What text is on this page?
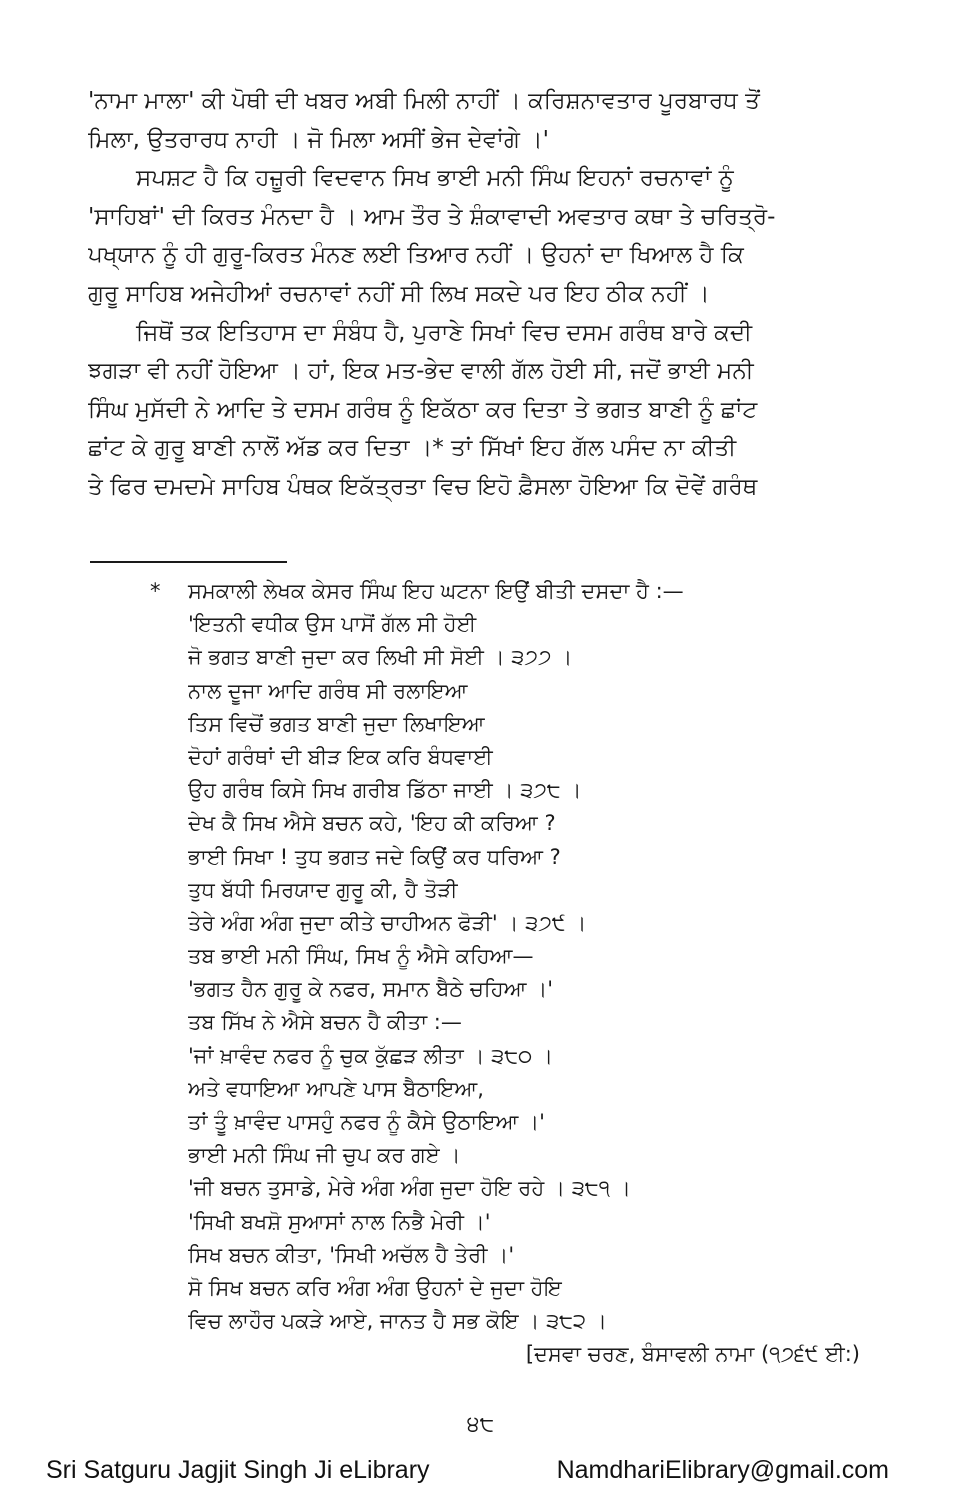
'ਨਾਮਾ ਮਾਲਾ' ਕੀ ਪੋਥੀ ਦੀ ਖਬਰ ਅਬੀ ਮਿਲੀ ਨਾਹੀਂ । ਕਰਿਸ਼ਨਾਵਤਾਰ ਪੂਰਬਾਰਧ ਤੋਂ
ਮਿਲਾ, ਉਤਰਾਰਧ ਨਾਹੀ । ਜੋ ਮਿਲਾ ਅਸੀਂ ਭੇਜ ਦੇਵਾਂਗੇ ।'
ਸਪਸ਼ਟ ਹੈ ਕਿ ਹਜ਼ੂਰੀ ਵਿਦਵਾਨ ਸਿਖ ਭਾਈ ਮਨੀ ਸਿੰਘ ਇਹਨਾਂ ਰਚਨਾਵਾਂ ਨੂੰ
'ਸਾਹਿਬਾਂ' ਦੀ ਕਿਰਤ ਮੰਨਦਾ ਹੈ । ਆਮ ਤੌਰ ਤੇ ਸ਼ੰਕਾਵਾਦੀ ਅਵਤਾਰ ਕਥਾ ਤੇ ਚਰਿਤ੍ਰੋ-
ਪਖ੍ਯਾਨ ਨੂੰ ਹੀ ਗੁਰੂ-ਕਿਰਤ ਮੰਨਣ ਲਈ ਤਿਆਰ ਨਹੀਂ । ਉਹਨਾਂ ਦਾ ਖਿਆਲ ਹੈ ਕਿ
ਗੁਰੂ ਸਾਹਿਬ ਅਜੇਹੀਆਂ ਰਚਨਾਵਾਂ ਨਹੀਂ ਸੀ ਲਿਖ ਸਕਦੇ ਪਰ ਇਹ ਠੀਕ ਨਹੀਂ ।
ਜਿਥੋਂ ਤਕ ਇਤਿਹਾਸ ਦਾ ਸੰਬੰਧ ਹੈ, ਪੁਰਾਣੇ ਸਿਖਾਂ ਵਿਚ ਦਸਮ ਗਰੰਥ ਬਾਰੇ ਕਦੀ
ਝਗੜਾ ਵੀ ਨਹੀਂ ਹੋਇਆ । ਹਾਂ, ਇਕ ਮਤ-ਭੇਦ ਵਾਲੀ ਗੱਲ ਹੋਈ ਸੀ, ਜਦੋਂ ਭਾਈ ਮਨੀ
ਸਿੰਘ ਮੁਸੱਦੀ ਨੇ ਆਦਿ ਤੇ ਦਸਮ ਗਰੰਥ ਨੂੰ ਇਕੱਠਾ ਕਰ ਦਿਤਾ ਤੇ ਭਗਤ ਬਾਣੀ ਨੂੰ ਛਾਂਟ
ਛਾਂਟ ਕੇ ਗੁਰੂ ਬਾਣੀ ਨਾਲੋਂ ਅੱਡ ਕਰ ਦਿਤਾ ।* ਤਾਂ ਸਿੱਖਾਂ ਇਹ ਗੱਲ ਪਸੰਦ ਨਾ ਕੀਤੀ
ਤੇ ਫਿਰ ਦਮਦਮੇ ਸਾਹਿਬ ਪੰਥਕ ਇਕੱਤ੍ਰਤਾ ਵਿਚ ਇਹੋ ਫ਼ੈਸਲਾ ਹੋਇਆ ਕਿ ਦੋਵੇਂ ਗਰੰਥ
*	ਸਮਕਾਲੀ ਲੇਖਕ ਕੇਸਰ ਸਿੰਘ ਇਹ ਘਟਨਾ ਇਉਂ ਬੀਤੀ ਦਸਦਾ ਹੈ :—
'ਇਤਨੀ ਵਧੀਕ ਉਸ ਪਾਸੋਂ ਗੱਲ ਸੀ ਹੋਈ
ਜੋ ਭਗਤ ਬਾਣੀ ਜੁਦਾ ਕਰ ਲਿਖੀ ਸੀ ਸੋਈ । ੩੭੭ ।
ਨਾਲ ਦੂਜਾ ਆਦਿ ਗਰੰਥ ਸੀ ਰਲਾਇਆ
ਤਿਸ ਵਿਚੋਂ ਭਗਤ ਬਾਣੀ ਜੁਦਾ ਲਿਖਾਇਆ
ਦੋਹਾਂ ਗਰੰਥਾਂ ਦੀ ਬੀੜ ਇਕ ਕਰਿ ਬੰਧਵਾਈ
ਉਹ ਗਰੰਥ ਕਿਸੇ ਸਿਖ ਗਰੀਬ ਡਿੱਠਾ ਜਾਈ । ੩੭੮ ।
ਦੇਖ ਕੈ ਸਿਖ ਐਸੇ ਬਚਨ ਕਹੇ, 'ਇਹ ਕੀ ਕਰਿਆ ?
ਭਾਈ ਸਿਖਾ ! ਤੁਧ ਭਗਤ ਜਦੇ ਕਿਉਂ ਕਰ ਧਰਿਆ ?
ਤੁਧ ਬੱਧੀ ਮਿਰਯਾਦ ਗੁਰੂ ਕੀ, ਹੈ ਤੋੜੀ
ਤੇਰੇ ਅੰਗ ਅੰਗ ਜੁਦਾ ਕੀਤੇ ਚਾਹੀਅਨ ਫੋੜੀ' । ੩੭੯ ।
ਤਬ ਭਾਈ ਮਨੀ ਸਿੰਘ, ਸਿਖ ਨੂੰ ਐਸੇ ਕਹਿਆ—
'ਭਗਤ ਹੈਨ ਗੁਰੂ ਕੇ ਨਫਰ, ਸਮਾਨ ਬੈਠੇ ਚਹਿਆ ।'
ਤਬ ਸਿੱਖ ਨੇ ਐਸੇ ਬਚਨ ਹੈ ਕੀਤਾ :—
'ਜਾਂ ਖ਼ਾਵੰਦ ਨਫਰ ਨੂੰ ਚੁਕ ਕੁੱਛੜ ਲੀਤਾ । ੩੮੦ ।
ਅਤੇ ਵਧਾਇਆ ਆਪਣੇ ਪਾਸ ਬੈਠਾਇਆ,
ਤਾਂ ਤੂੰ ਖ਼ਾਵੰਦ ਪਾਸਹੁੰ ਨਫਰ ਨੂੰ ਕੈਸੇ ਉਠਾਇਆ ।'
ਭਾਈ ਮਨੀ ਸਿੰਘ ਜੀ ਚੁਪ ਕਰ ਗਏ ।
'ਜੀ ਬਚਨ ਤੁਸਾਡੇ, ਮੇਰੇ ਅੰਗ ਅੰਗ ਜੁਦਾ ਹੋਇ ਰਹੇ । ੩੮੧ ।
'ਸਿਖੀ ਬਖਸ਼ੋ ਸੁਆਸਾਂ ਨਾਲ ਨਿਭੈ ਮੇਰੀ ।'
ਸਿਖ ਬਚਨ ਕੀਤਾ, 'ਸਿਖੀ ਅਚੱਲ ਹੈ ਤੇਰੀ ।'
ਸੋ ਸਿਖ ਬਚਨ ਕਰਿ ਅੰਗ ਅੰਗ ਉਹਨਾਂ ਦੇ ਜੁਦਾ ਹੋਇ
ਵਿਚ ਲਾਹੌਰ ਪਕੜੇ ਆਏ, ਜਾਨਤ ਹੈ ਸਭ ਕੋਇ । ੩੮੨ ।
[ਦਸਵਾ ਚਰਣ, ਬੰਸਾਵਲੀ ਨਾਮਾ (੧੭੬੯ ਈ:)
੪੮
Sri Satguru Jagjit Singh Ji eLibrary	NamdhariElibrary@gmail.com
